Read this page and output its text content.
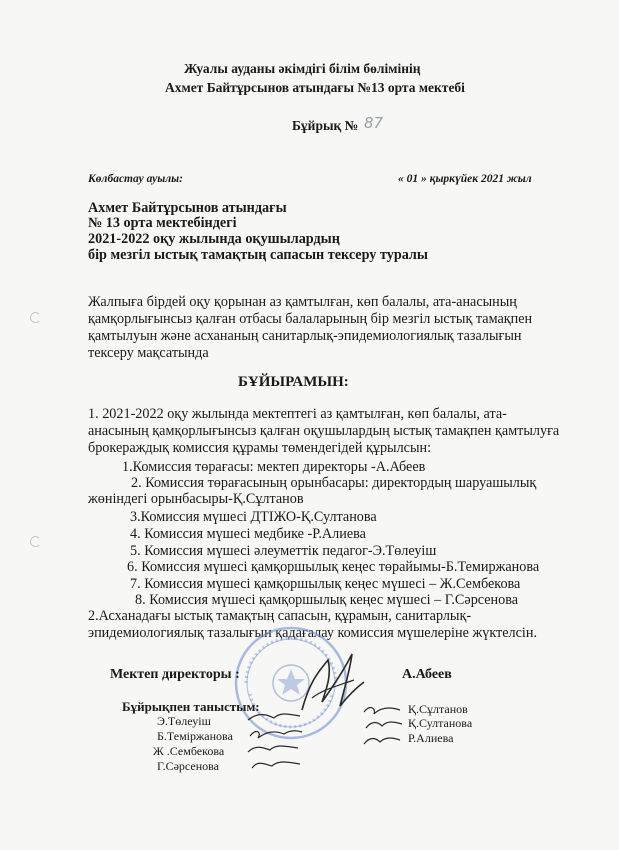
Жуалы ауданы әкімдігі білім бөлімінің
Ахмет Байтұрсынов атындағы №13 орта мектебі
Бұйрық № 87
Көлбастау ауылы:	« 01 » қыркүйек 2021 жыл
Ахмет Байтұрсынов атындағы
№ 13 орта мектебіндегі
2021-2022 оқу жылында оқушылардың
бір мезгіл ыстық тамақтың сапасын тексеру туралы
Жалпыға бірдей оқу қорынан аз қамтылған, көп балалы, ата-анасының
қамқорлығынсыз қалған отбасы балаларының бір мезгіл ыстық тамақпен
қамтылуын және асхананың санитарлық-эпидемиологиялық тазалығын
тексеру мақсатында
БҰЙЫРАМЫН:
1. 2021-2022 оқу жылында мектептегі аз қамтылған, көп балалы, ата-
анасының қамқорлығынсыз қалған оқушылардың ыстық тамақпен қамтылуға
брокераждық комиссия құрамы төмендегідей құрылсын:
1.Комиссия төрағасы: мектеп директоры -А.Абеев
2. Комиссия төрағасының орынбасары: директордың шаруашылық
жөніндегі орынбасыры-Қ.Сұлтанов
3.Комиссия мүшесі ДТІЖО-Қ.Султанова
4. Комиссия мүшесі медбике -Р.Алиева
5. Комиссия мүшесі әлеуметтік педагог-Э.Төлеуіш
6. Комиссия мүшесі қамқоршылық кеңес төрайымы-Б.Темиржанова
7. Комиссия мүшесі қамқоршылық кеңес мүшесі – Ж.Сембекова
8. Комиссия мүшесі қамқоршылық кеңес мүшесі – Г.Сәрсенова
2.Асханадағы ыстық тамақтың сапасын, құрамын, санитарлық-
эпидемиологиялық тазалығын қадағалау комиссия мүшелеріне жүктелсін.
Мектеп директоры :	А.Абеев
Бұйрықпен таныстым:
Э.Төлеуіш
Б.Темiржанова
Ж .Сембекова
Г.Сәрсенова
Қ.Сұлтанов
Қ.Султанова
Р.Алиева
